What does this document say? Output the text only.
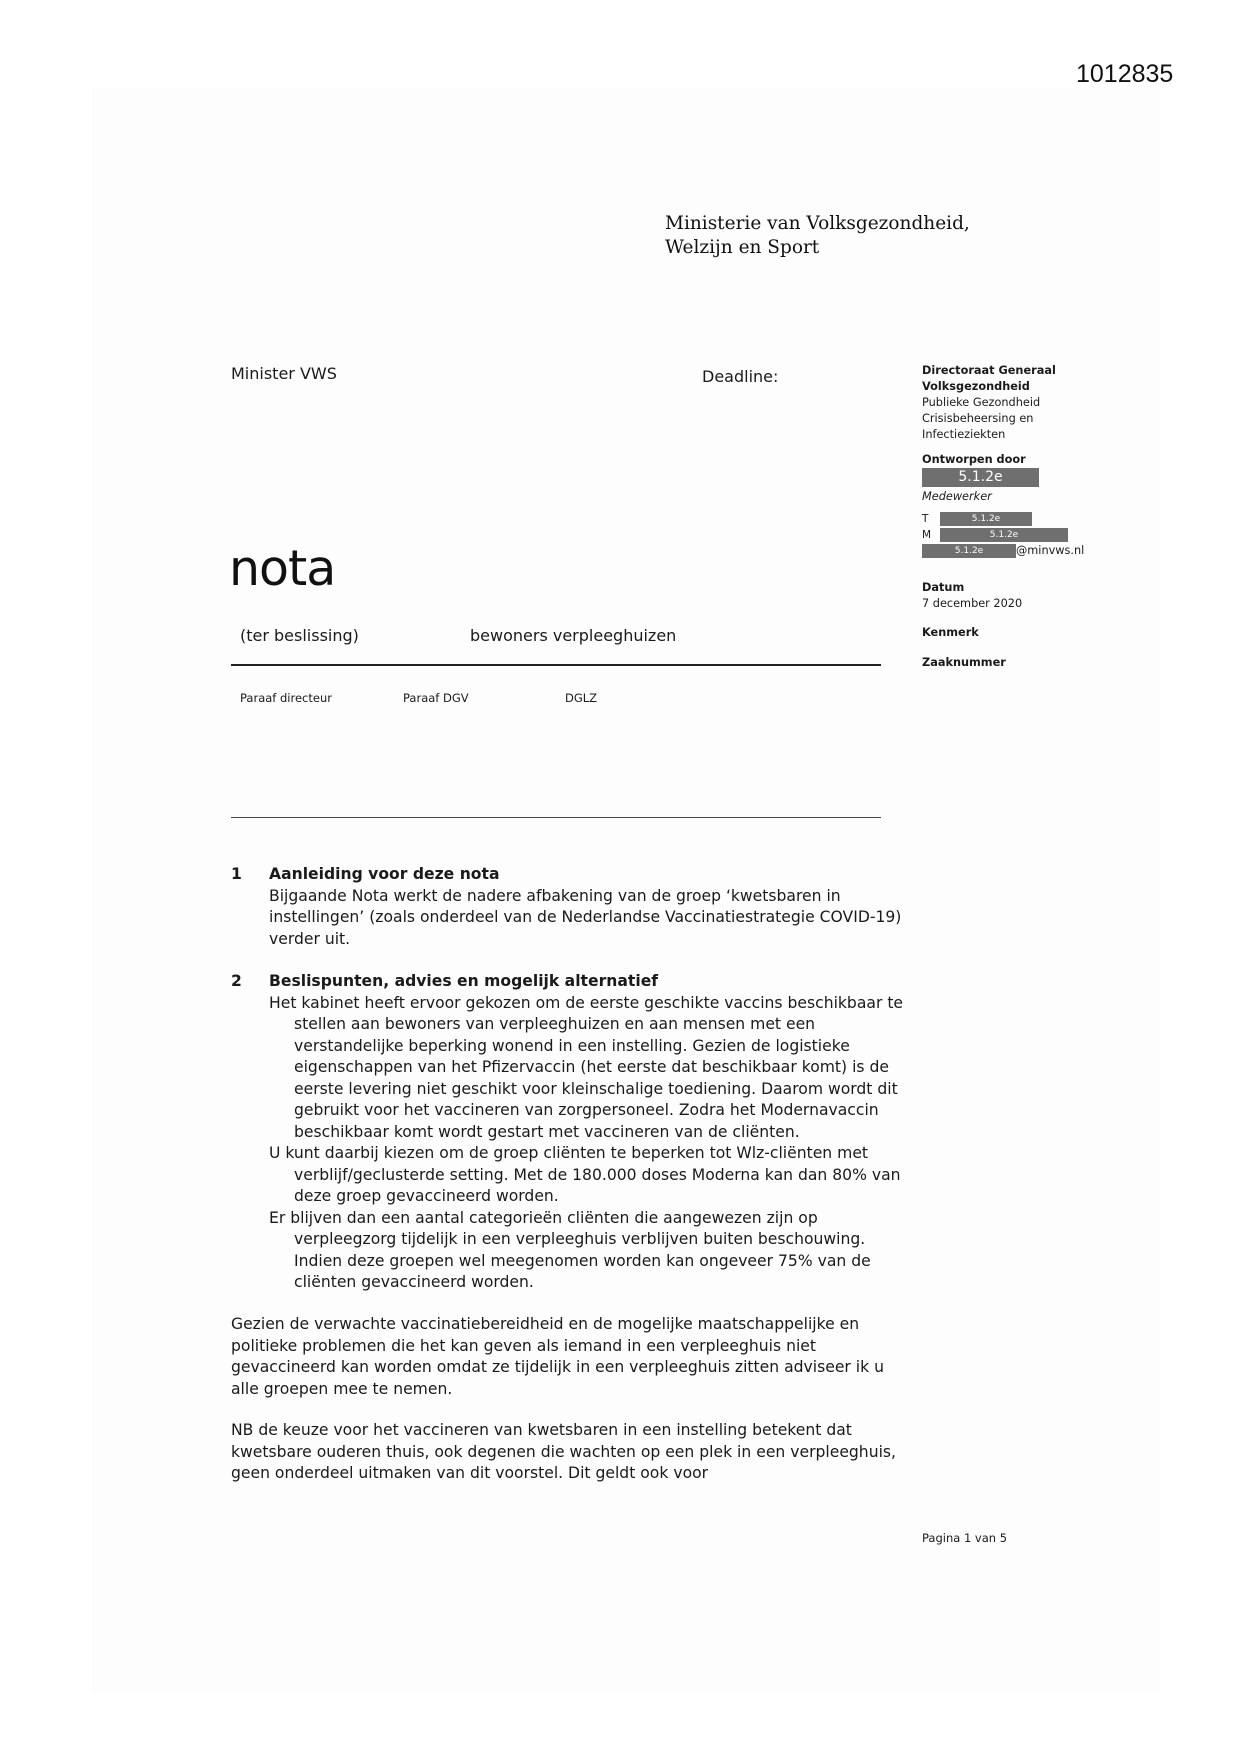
1012835
Ministerie van Volksgezondheid,
Welzijn en Sport
Minister VWS	Deadline:	Directoraat Generaal
Volksgezondheid
Publieke Gezondheid
Crisisbeheersing en
Infectieziekten
Ontworpen door
5.1.2e
Medewerker
T	5.1.2e
M	5.1.2e
5.1.2e	@minvws.nl
Datum
7 december 2020
Kenmerk
Zaaknummer
nota
(ter beslissing)	bewoners verpleeghuizen
Paraaf directeur	Paraaf DGV	DGLZ
1 Aanleiding voor deze nota
Bijgaande Nota werkt de nadere afbakening van de groep ‘kwetsbaren in instellingen’ (zoals onderdeel van de Nederlandse Vaccinatiestrategie COVID-19) verder uit.
2 Beslispunten, advies en mogelijk alternatief

Het kabinet heeft ervoor gekozen om de eerste geschikte vaccins beschikbaar te stellen aan bewoners van verpleeghuizen en aan mensen met een verstandelijke beperking wonend in een instelling. Gezien de logistieke eigenschappen van het Pfizervaccin (het eerste dat beschikbaar komt) is de eerste levering niet geschikt voor kleinschalige toediening. Daarom wordt dit gebruikt voor het vaccineren van zorgpersoneel. Zodra het Modernavaccin beschikbaar komt wordt gestart met vaccineren van de cliënten.

U kunt daarbij kiezen om de groep cliënten te beperken tot Wlz-cliënten met verblijf/geclusterde setting. Met de 180.000 doses Moderna kan dan 80% van deze groep gevaccineerd worden.

Er blijven dan een aantal categorieën cliënten die aangewezen zijn op verpleegzorg tijdelijk in een verpleeghuis verblijven buiten beschouwing. Indien deze groepen wel meegenomen worden kan ongeveer 75% van de cliënten gevaccineerd worden.

Gezien de verwachte vaccinatiebereidheid en de mogelijke maatschappelijke en politieke problemen die het kan geven als iemand in een verpleeghuis niet gevaccineerd kan worden omdat ze tijdelijk in een verpleeghuis zitten adviseer ik u alle groepen mee te nemen.

NB de keuze voor het vaccineren van kwetsbaren in een instelling betekent dat kwetsbare ouderen thuis, ook degenen die wachten op een plek in een verpleeghuis, geen onderdeel uitmaken van dit voorstel. Dit geldt ook voor

Pagina 1 van 5
